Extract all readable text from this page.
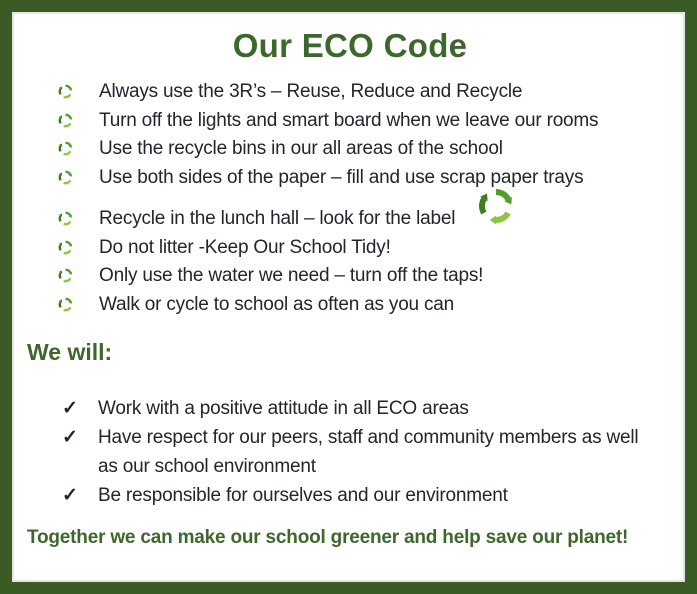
Our ECO Code
Always use the 3R’s – Reuse, Reduce and Recycle
Turn off the lights and smart board when we leave our rooms
Use the recycle bins in our all areas of the school
Use both sides of the paper – fill and use scrap paper trays
Recycle in the lunch hall – look for the label
Do not litter -Keep Our School Tidy!
Only use the water we need – turn off the taps!
Walk or cycle to school as often as you can
We will:
✓	Work with a positive attitude in all ECO areas
✓	Have respect for our peers, staff and community members as well as our school environment
✓	Be responsible for ourselves and our environment

Together we can make our school greener and help save our planet!
